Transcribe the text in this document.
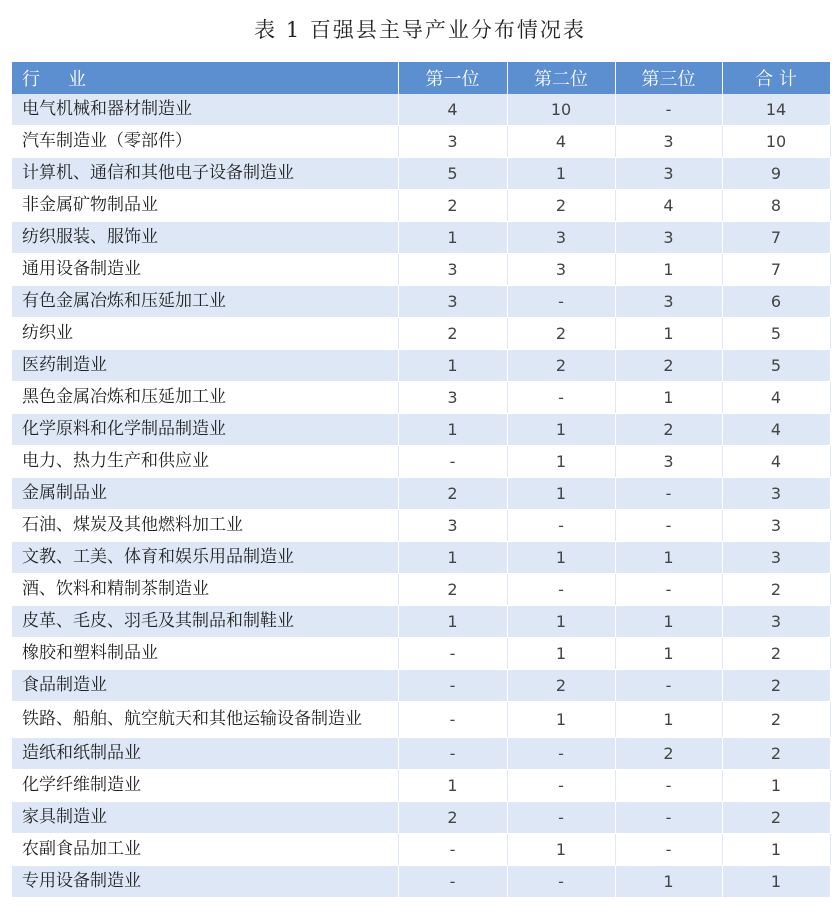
表 1 百强县主导产业分布情况表
行业	第一位	第二位	第三位	合 计
电气机械和器材制造业	4	10	-	14
汽车制造业（零部件）	3	4	3	10
计算机、通信和其他电子设备制造业	5	1	3	9
非金属矿物制品业	2	2	4	8
纺织服装、服饰业	1	3	3	7
通用设备制造业	3	3	1	7
有色金属冶炼和压延加工业	3	-	3	6
纺织业	2	2	1	5
医药制造业	1	2	2	5
黑色金属冶炼和压延加工业	3	-	1	4
化学原料和化学制品制造业	1	1	2	4
电力、热力生产和供应业	-	1	3	4
金属制品业	2	1	-	3
石油、煤炭及其他燃料加工业	3	-	-	3
文教、工美、体育和娱乐用品制造业	1	1	1	3
酒、饮料和精制茶制造业	2	-	-	2
皮革、毛皮、羽毛及其制品和制鞋业	1	1	1	3
橡胶和塑料制品业	-	1	1	2
食品制造业	-	2	-	2
铁路、船舶、航空航天和其他运输设备制造业	-	1	1	2
造纸和纸制品业	-	-	2	2
化学纤维制造业	1	-	-	1
家具制造业	2	-	-	2
农副食品加工业	-	1	-	1
专用设备制造业	-	-	1	1
